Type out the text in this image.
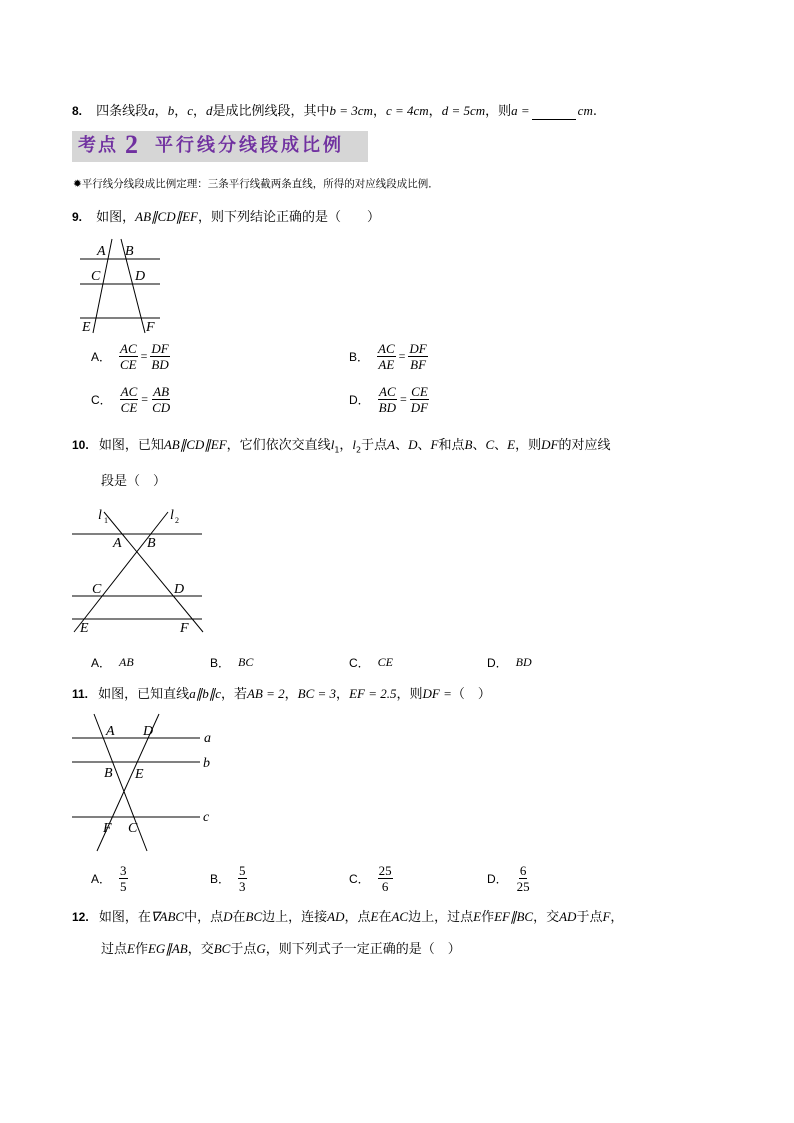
8. 四条线段a，b，c，d是成比例线段，其中b = 3cm，c = 4cm，d = 5cm，则a =	cm.
考点 2 平行线分线段成比例
✹平行线分线段成比例定理：三条平行线截两条直线，所得的对应线段成比例．
9. 如图，AB∥CD∥EF，则下列结论正确的是（　　）
A B
C D
E	F
A． $\frac{AC}{CE} = \frac{DF}{BD}$	B． $\frac{AC}{AE} = \frac{DF}{BF}$
C． $\frac{AC}{CE} = \frac{AB}{CD}$	D． $\frac{AC}{BD} = \frac{CE}{DF}$
10. 如图，已知AB∥CD∥EF，它们依次交直线$l_1$，$l_2$于点A、D、F和点B、C、E，则DF的对应线
段是（　）
l 1	l 2
A B
C	D
E	F
A． AB	B． BC	C． CE	D． BD
11. 如图，已知直线a∥b∥c，若AB = 2，BC = 3，EF = 2.5，则DF =（　）
A D	a
B E
b
F C
c
A． $\frac{3}{5}$	B． $\frac{5}{3}$	C． $\frac{25}{6}$	D． $\frac{6}{25}$
12. 如图，在∇ABC中，点D在BC边上，连接AD，点E在AC边上，过点E作EF∥BC，交AD于点F，
过点E作EG∥AB，交BC于点G，则下列式子一定正确的是（　）
